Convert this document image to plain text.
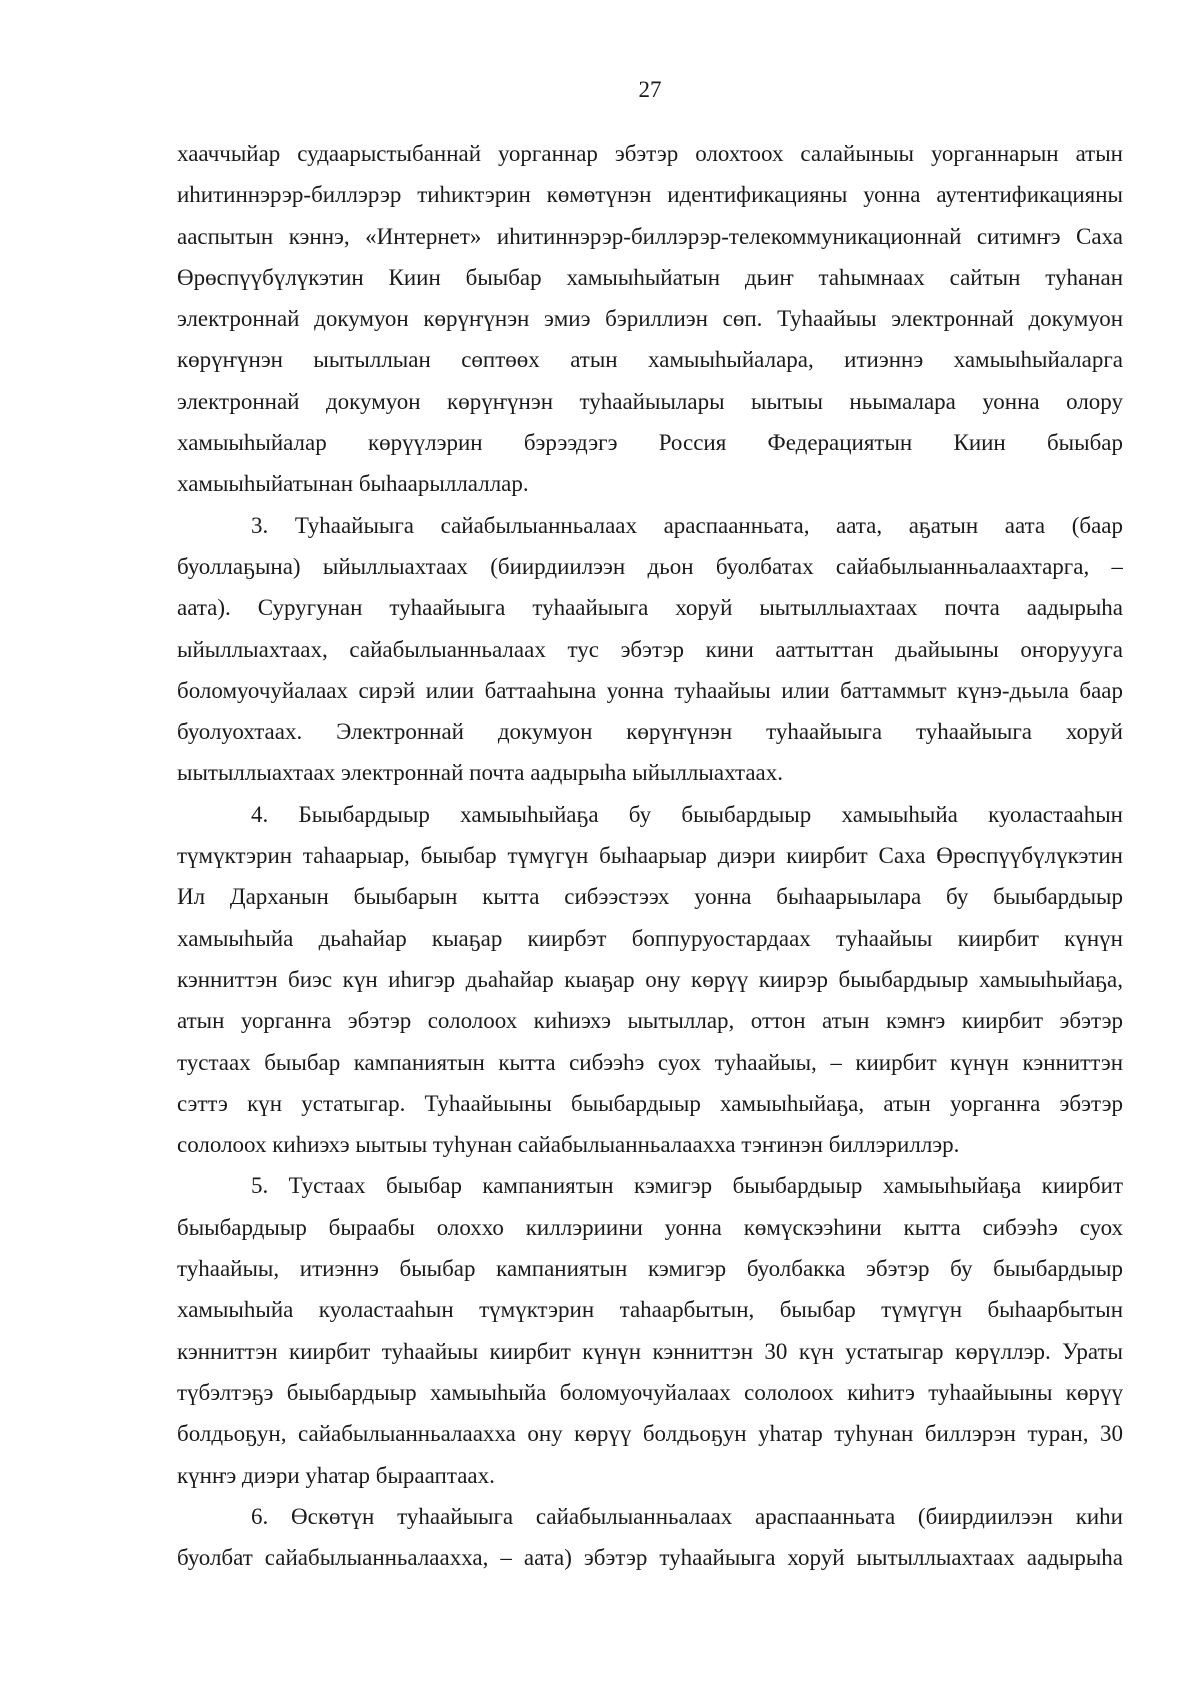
27

хааччыйар судаарыстыбаннай уорганнар эбэтэр олохтоох салайыныы уорганнарын атын
иһитиннэрэр-биллэрэр тиһиктэрин көмөтүнэн идентификацияны уонна аутентификацияны
ааспытын кэннэ, «Интернет» иһитиннэрэр-биллэрэр-телекоммуникационнай ситимҥэ Саха
Өрөспүүбүлүкэтин Киин быыбар хамыыһыйатын дьиҥ таһымнаах сайтын туһанан
электроннай докумуон көрүҥүнэн эмиэ бэриллиэн сөп. Туһаайыы электроннай докумуон
көрүҥүнэн ыытыллыан сөптөөх атын хамыыһыйалара, итиэннэ хамыыһыйаларга
электроннай докумуон көрүҥүнэн туһаайыылары ыытыы ньымалара уонна олору
хамыыһыйалар көрүүлэрин бэрээдэгэ Россия Федерациятын Киин быыбар
хамыыһыйатынан быһаарыллаллар.

3. Туһаайыыга сайабылыанньалаах араспаанньата, аата, аҕатын аата (баар
буоллаҕына) ыйыллыахтаах (биирдиилээн дьон буолбатах сайабылыанньалаахтарга, –
аата). Суругунан туһаайыыга туһаайыыга хоруй ыытыллыахтаах почта аадырыһа
ыйыллыахтаах, сайабылыанньалаах тус эбэтэр кини ааттыттан дьайыыны оҥоруууга
боломуочуйалаах сирэй илии баттааһына уонна туһаайыы илии баттаммыт күнэ-дьыла баар
буолуохтаах. Электроннай докумуон көрүҥүнэн туһаайыыга туһаайыыга хоруй
ыытыллыахтаах электроннай почта аадырыһа ыйыллыахтаах.

4. Быыбардыыр хамыыһыйаҕа бу быыбардыыр хамыыһыйа куоластааһын
түмүктэрин таһаарыар, быыбар түмүгүн быһаарыар диэри киирбит Саха Өрөспүүбүлүкэтин
Ил Дарханын быыбарын кытта сибээстээх уонна быһаарыылара бу быыбардыыр
хамыыһыйа дьаһайар кыаҕар киирбэт боппуруостардаах туһаайыы киирбит күнүн
кэнниттэн биэс күн иһигэр дьаһайар кыаҕар ону көрүү киирэр быыбардыыр хамыыһыйаҕа,
атын уорганҥа эбэтэр сололоох киһиэхэ ыытыллар, оттон атын кэмҥэ киирбит эбэтэр
тустаах быыбар кампаниятын кытта сибээһэ суох туһаайыы, – киирбит күнүн кэнниттэн
сэттэ күн устатыгар. Туһаайыыны быыбардыыр хамыыһыйаҕа, атын уорганҥа эбэтэр
сололоох киһиэхэ ыытыы туһунан сайабылыанньалаахха тэҥинэн биллэриллэр.

5. Тустаах быыбар кампаниятын кэмигэр быыбардыыр хамыыһыйаҕа киирбит
быыбардыыр быраабы олоххо киллэриини уонна көмүскээһини кытта сибээһэ суох
туһаайыы, итиэннэ быыбар кампаниятын кэмигэр буолбакка эбэтэр бу быыбардыыр
хамыыһыйа куоластааһын түмүктэрин таһаарбытын, быыбар түмүгүн быһаарбытын
кэнниттэн киирбит туһаайыы киирбит күнүн кэнниттэн 30 күн устатыгар көрүллэр. Ураты
түбэлтэҕэ быыбардыыр хамыыһыйа боломуочуйалаах сололоох киһитэ туһаайыыны көрүү
болдьоҕун, сайабылыанньалаахха ону көрүү болдьоҕун уһатар туһунан биллэрэн туран, 30
күнҥэ диэри уһатар бырааптаах.

6. Өскөтүн туһаайыыга сайабылыанньалаах араспаанньата (биирдиилээн киһи
буолбат сайабылыанньалаахха, – аата) эбэтэр туһаайыыга хоруй ыытыллыахтаах аадырыһа
